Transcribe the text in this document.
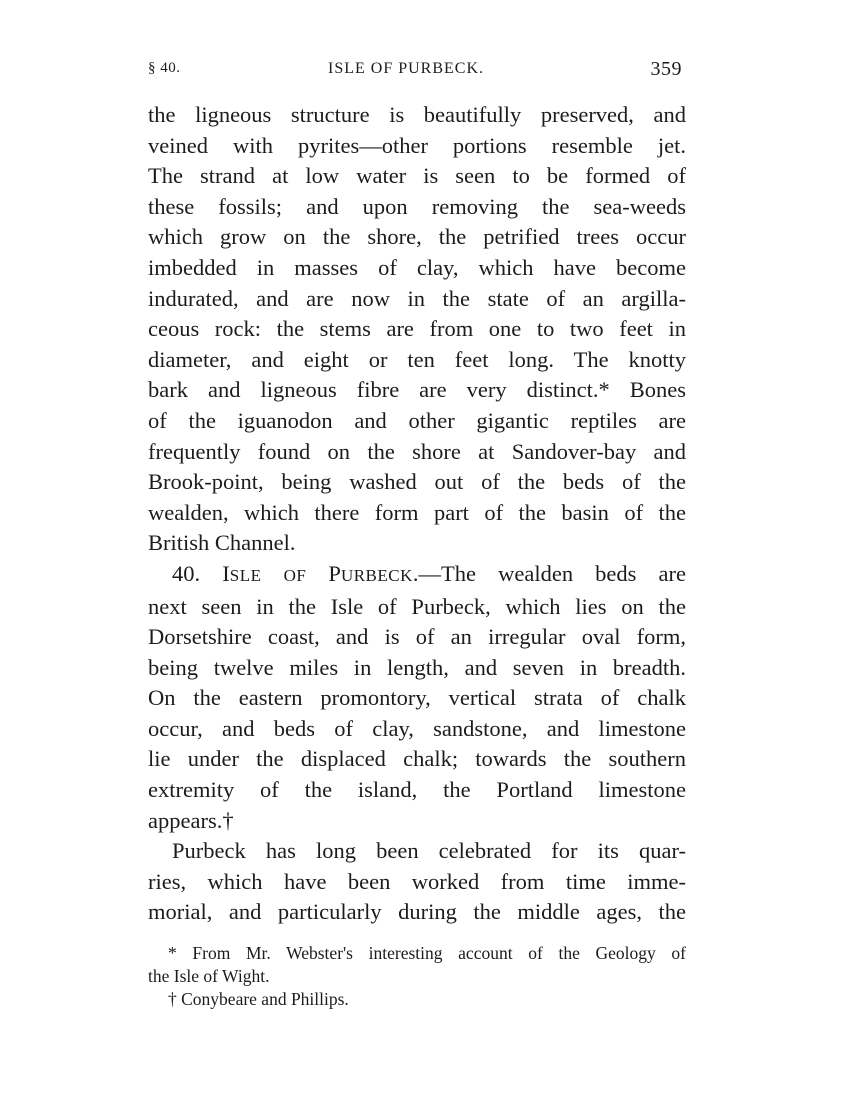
§ 40.	ISLE OF PURBECK.	359
the ligneous structure is beautifully preserved, and
veined with pyrites—other portions resemble jet.
The strand at low water is seen to be formed of
these fossils; and upon removing the sea-weeds
which grow on the shore, the petrified trees occur
imbedded in masses of clay, which have become
indurated, and are now in the state of an argilla-
ceous rock: the stems are from one to two feet in
diameter, and eight or ten feet long. The knotty
bark and ligneous fibre are very distinct.* Bones
of the iguanodon and other gigantic reptiles are
frequently found on the shore at Sandover-bay and
Brook-point, being washed out of the beds of the
wealden, which there form part of the basin of the
British Channel.
40. ISLE OF PURBECK.—The wealden beds are
next seen in the Isle of Purbeck, which lies on the
Dorsetshire coast, and is of an irregular oval form,
being twelve miles in length, and seven in breadth.
On the eastern promontory, vertical strata of chalk
occur, and beds of clay, sandstone, and limestone
lie under the displaced chalk; towards the southern
extremity of the island, the Portland limestone
appears.†
Purbeck has long been celebrated for its quar-
ries, which have been worked from time imme-
morial, and particularly during the middle ages, the
* From Mr. Webster's interesting account of the Geology of
the Isle of Wight.
† Conybeare and Phillips.
